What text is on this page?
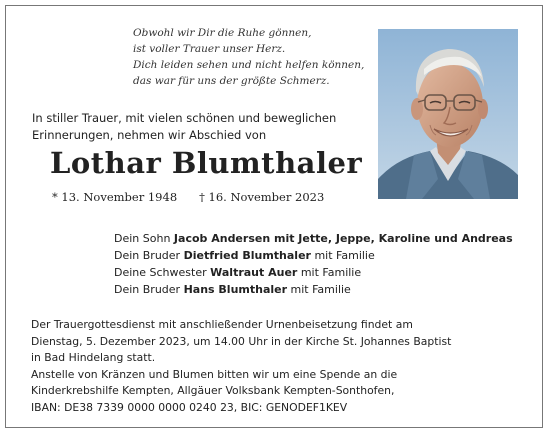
Obwohl wir Dir die Ruhe gönnen,
ist voller Trauer unser Herz.
Dich leiden sehen und nicht helfen können,
das war für uns der größte Schmerz.
In stiller Trauer, mit vielen schönen und beweglichen
Erinnerungen, nehmen wir Abschied von
Lothar Blumthaler
* 13. November 1948 † 16. November 2023
Dein Sohn Jacob Andersen mit Jette, Jeppe, Karoline und Andreas
Dein Bruder Dietfried Blumthaler mit Familie
Deine Schwester Waltraut Auer mit Familie
Dein Bruder Hans Blumthaler mit Familie
Der Trauergottesdienst mit anschließender Urnenbeisetzung findet am
Dienstag, 5. Dezember 2023, um 14.00 Uhr in der Kirche St. Johannes Baptist
in Bad Hindelang statt.
Anstelle von Kränzen und Blumen bitten wir um eine Spende an die
Kinderkrebshilfe Kempten, Allgäuer Volksbank Kempten-Sonthofen,
IBAN: DE38 7339 0000 0000 0240 23, BIC: GENODEF1KEV
